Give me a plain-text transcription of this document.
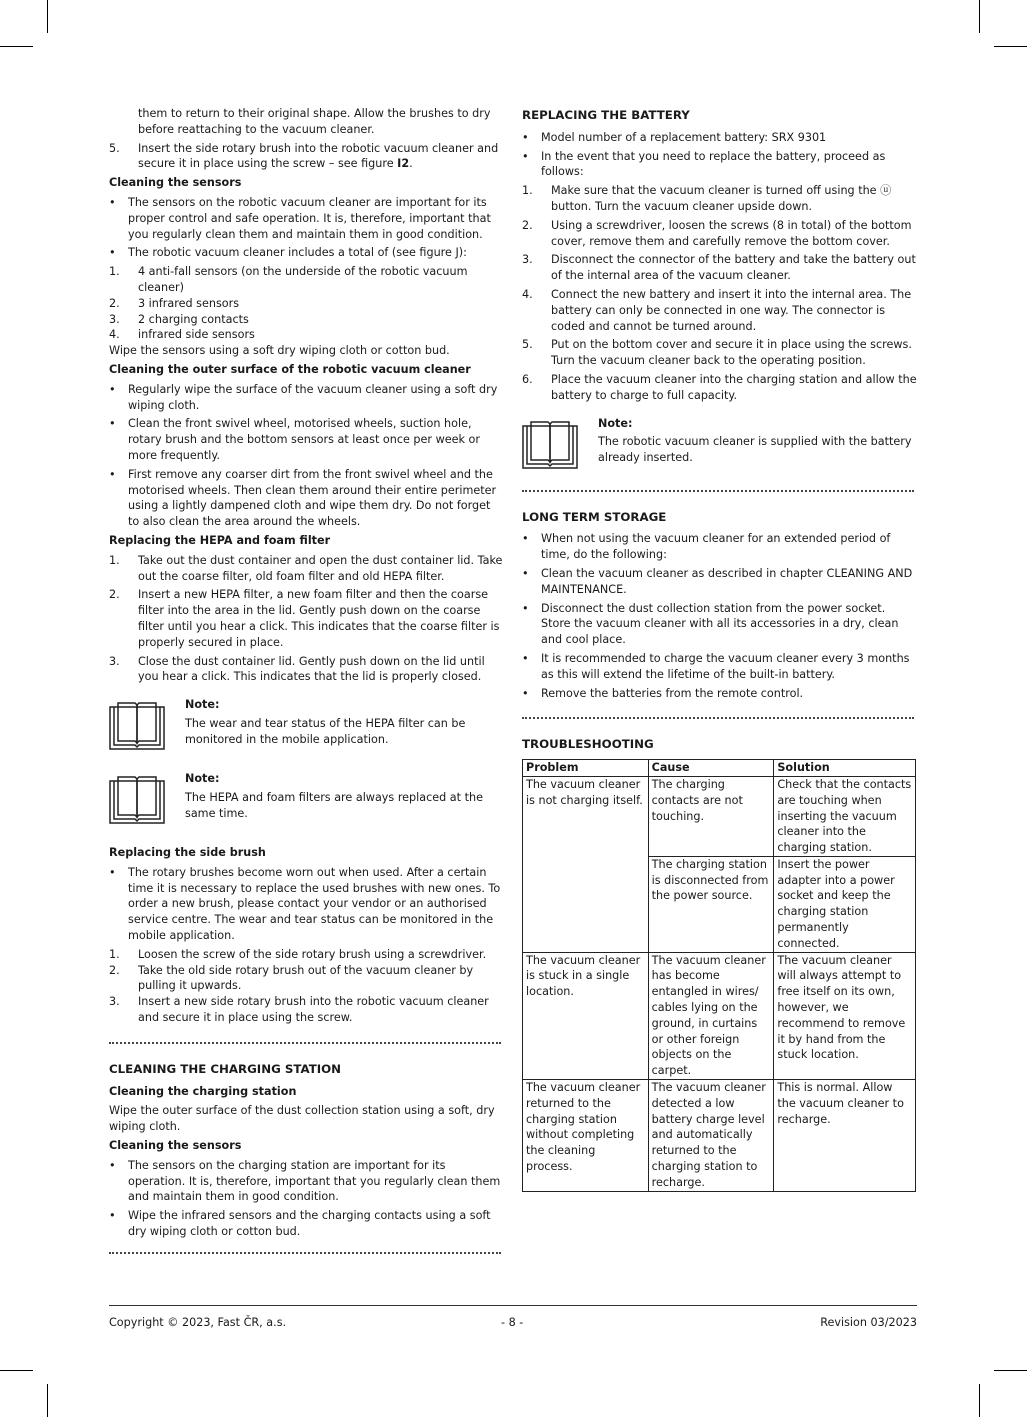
them to return to their original shape. Allow the brushes to dry before reattaching to the vacuum cleaner.
5. Insert the side rotary brush into the robotic vacuum cleaner and secure it in place using the screw – see figure I2.
Cleaning the sensors
• The sensors on the robotic vacuum cleaner are important for its proper control and safe operation. It is, therefore, important that you regularly clean them and maintain them in good condition.
• The robotic vacuum cleaner includes a total of (see figure J):
1. 4 anti-fall sensors (on the underside of the robotic vacuum cleaner)
2. 3 infrared sensors
3. 2 charging contacts
4. infrared side sensors

Wipe the sensors using a soft dry wiping cloth or cotton bud.

Cleaning the outer surface of the robotic vacuum cleaner
• Regularly wipe the surface of the vacuum cleaner using a soft dry wiping cloth.
• Clean the front swivel wheel, motorised wheels, suction hole, rotary brush and the bottom sensors at least once per week or more frequently.
• First remove any coarser dirt from the front swivel wheel and the motorised wheels. Then clean them around their entire perimeter using a lightly dampened cloth and wipe them dry. Do not forget to also clean the area around the wheels.
Replacing the HEPA and foam filter
1. Take out the dust container and open the dust container lid. Take out the coarse filter, old foam filter and old HEPA filter.
2. Insert a new HEPA filter, a new foam filter and then the coarse filter into the area in the lid. Gently push down on the coarse filter until you hear a click. This indicates that the coarse filter is properly secured in place.
3. Close the dust container lid. Gently push down on the lid until you hear a click. This indicates that the lid is properly closed.
Note:
The wear and tear status of the HEPA filter can be monitored in the mobile application.
Note:
The HEPA and foam filters are always replaced at the same time.
Replacing the side brush
• The rotary brushes become worn out when used. After a certain time it is necessary to replace the used brushes with new ones. To order a new brush, please contact your vendor or an authorised service centre. The wear and tear status can be monitored in the mobile application.
1. Loosen the screw of the side rotary brush using a screwdriver.
2. Take the old side rotary brush out of the vacuum cleaner by pulling it upwards.
3. Insert a new side rotary brush into the robotic vacuum cleaner and secure it in place using the screw.
CLEANING THE CHARGING STATION
Cleaning the charging station

Wipe the outer surface of the dust collection station using a soft, dry wiping cloth.

Cleaning the sensors
• The sensors on the charging station are important for its operation. It is, therefore, important that you regularly clean them and maintain them in good condition.
• Wipe the infrared sensors and the charging contacts using a soft dry wiping cloth or cotton bud.
REPLACING THE BATTERY
• Model number of a replacement battery: SRX 9301
• In the event that you need to replace the battery, proceed as follows:
1. Make sure that the vacuum cleaner is turned off using the ⓤ button. Turn the vacuum cleaner upside down.
2. Using a screwdriver, loosen the screws (8 in total) of the bottom cover, remove them and carefully remove the bottom cover.
3. Disconnect the connector of the battery and take the battery out of the internal area of the vacuum cleaner.
4. Connect the new battery and insert it into the internal area. The battery can only be connected in one way. The connector is coded and cannot be turned around.
5. Put on the bottom cover and secure it in place using the screws. Turn the vacuum cleaner back to the operating position.
6. Place the vacuum cleaner into the charging station and allow the battery to charge to full capacity.
Note:
The robotic vacuum cleaner is supplied with the battery already inserted.
LONG TERM STORAGE
• When not using the vacuum cleaner for an extended period of time, do the following:
• Clean the vacuum cleaner as described in chapter CLEANING AND MAINTENANCE.
• Disconnect the dust collection station from the power socket. Store the vacuum cleaner with all its accessories in a dry, clean and cool place.
• It is recommended to charge the vacuum cleaner every 3 months as this will extend the lifetime of the built-in battery.
• Remove the batteries from the remote control.
TROUBLESHOOTING
Problem	Cause	Solution
The vacuum cleaner is not charging itself.	The charging contacts are not touching.	Check that the contacts are touching when inserting the vacuum cleaner into the charging station.
	The charging station is disconnected from the power source.	Insert the power adapter into a power socket and keep the charging station permanently connected.
The vacuum cleaner is stuck in a single location.	The vacuum cleaner has become entangled in wires/ cables lying on the ground, in curtains or other foreign objects on the carpet.	The vacuum cleaner will always attempt to free itself on its own, however, we recommend to remove it by hand from the stuck location.
The vacuum cleaner returned to the charging station without completing the cleaning process.	The vacuum cleaner detected a low battery charge level and automatically returned to the charging station to recharge.	This is normal. Allow the vacuum cleaner to recharge.
Copyright © 2023, Fast ČR, a.s.	- 8 -	Revision 03/2023
